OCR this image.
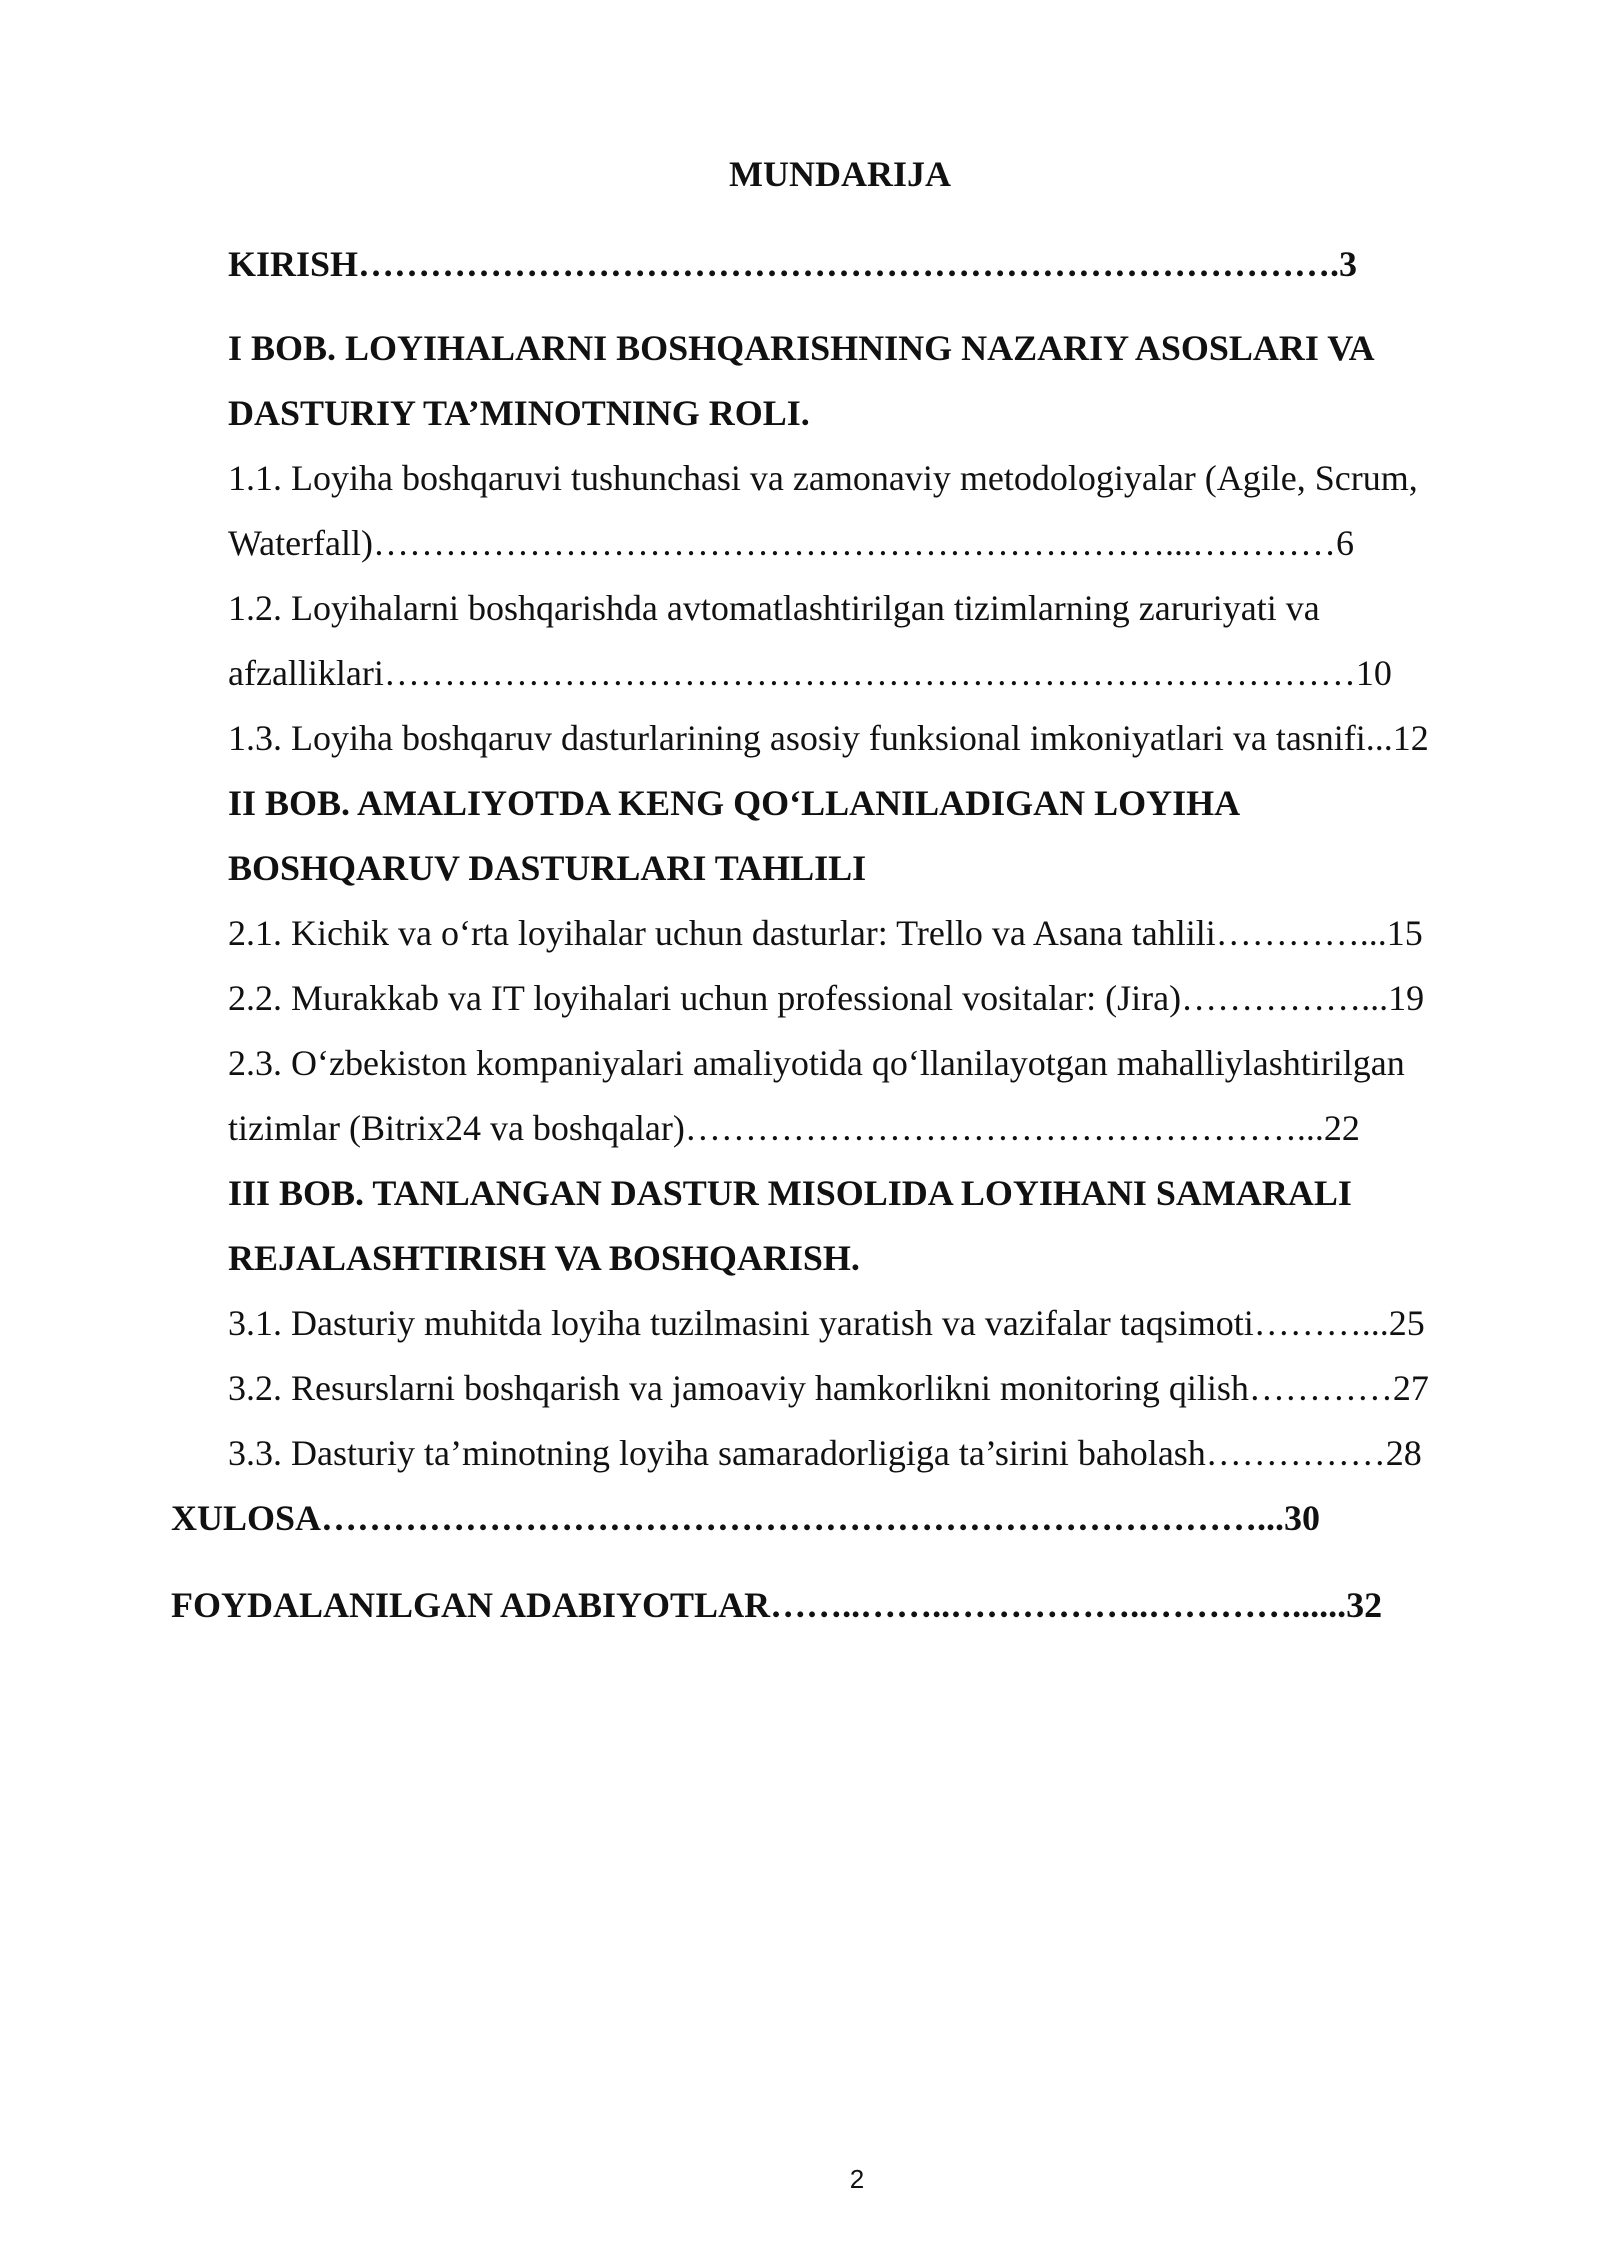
MUNDARIJA
KIRISH……………………………………………………………………….3
I BOB. LOYIHALARNI BOSHQARISHNING NAZARIY ASOSLARI VA
DASTURIY TA’MINOTNING ROLI.
1.1. Loyiha boshqaruvi tushunchasi va zamonaviy metodologiyalar (Agile, Scrum,
Waterfall)…………………………………………………………...…………6
1.2. Loyihalarni boshqarishda avtomatlashtirilgan tizimlarning zaruriyati va
afzalliklari………………………………………………………………………10
1.3. Loyiha boshqaruv dasturlarining asosiy funksional imkoniyatlari va tasnifi...12
II BOB. AMALIYOTDA KENG QO‘LLANILADIGAN LOYIHA
BOSHQARUV DASTURLARI TAHLILI
2.1. Kichik va o‘rta loyihalar uchun dasturlar: Trello va Asana tahlili…………...15
2.2. Murakkab va IT loyihalari uchun professional vositalar: (Jira)……………...19
2.3. O‘zbekiston kompaniyalari amaliyotida qo‘llanilayotgan mahalliylashtirilgan
tizimlar (Bitrix24 va boshqalar)……………………………………………...22
III BOB. TANLANGAN DASTUR MISOLIDA LOYIHANI SAMARALI
REJALASHTIRISH VA BOSHQARISH.
3.1. Dasturiy muhitda loyiha tuzilmasini yaratish va vazifalar taqsimoti………...25
3.2. Resurslarni boshqarish va jamoaviy hamkorlikni monitoring qilish…………27
3.3. Dasturiy ta’minotning loyiha samaradorligiga ta’sirini baholash……………28
XULOSA……………………………………………………………………...30
FOYDALANILGAN ADABIYOTLAR……..……..……………..…………......32
2
